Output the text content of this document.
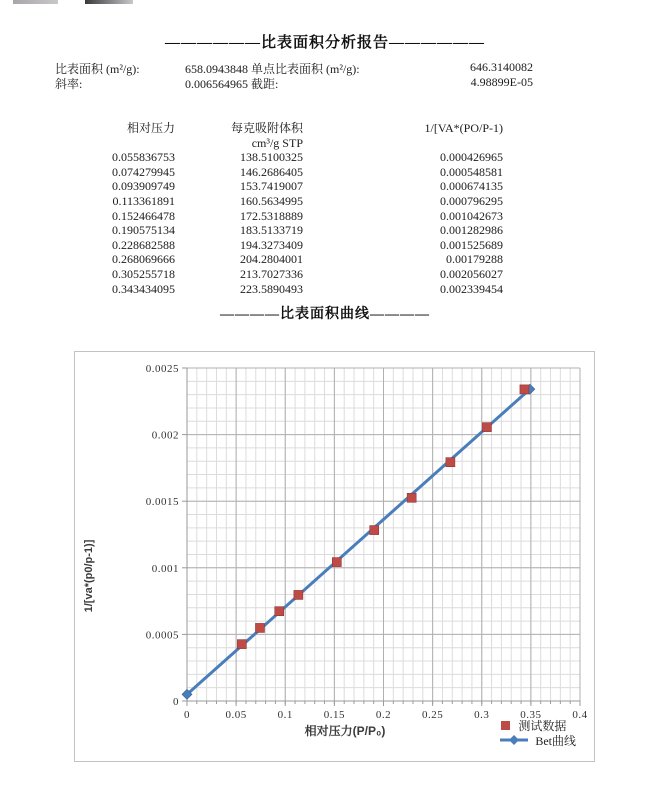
——————比表面积分析报告——————
比表面积 (m²/g):	658.0943848 单点比表面积 (m²/g):	646.3140082
斜率:	0.006564965 截距:	4.98899E-05
相对压力	每克吸附体积	1/[VA*(PO/P-1)
cm³/g STP
0.055836753	138.5100325	0.000426965
0.074279945	146.2686405	0.000548581
0.093909749	153.7419007	0.000674135
0.113361891	160.5634995	0.000796295
0.152466478	172.5318889	0.001042673
0.190575134	183.5133719	0.001282986
0.228682588	194.3273409	0.001525689
0.268069666	204.2804001	0.00179288
0.305255718	213.7027336	0.002056027
0.343434095	223.5890493	0.002339454
————比表面积曲线————
0	0.05	0.1	0.15	0.2	0.25	0.3	0.35	0.4
0
0.0005
0.001
0.0015
0.002
0.0025
相对压力(P/P₀)
1/[va*(p0/p-1)]
测试数据
Bet曲线
